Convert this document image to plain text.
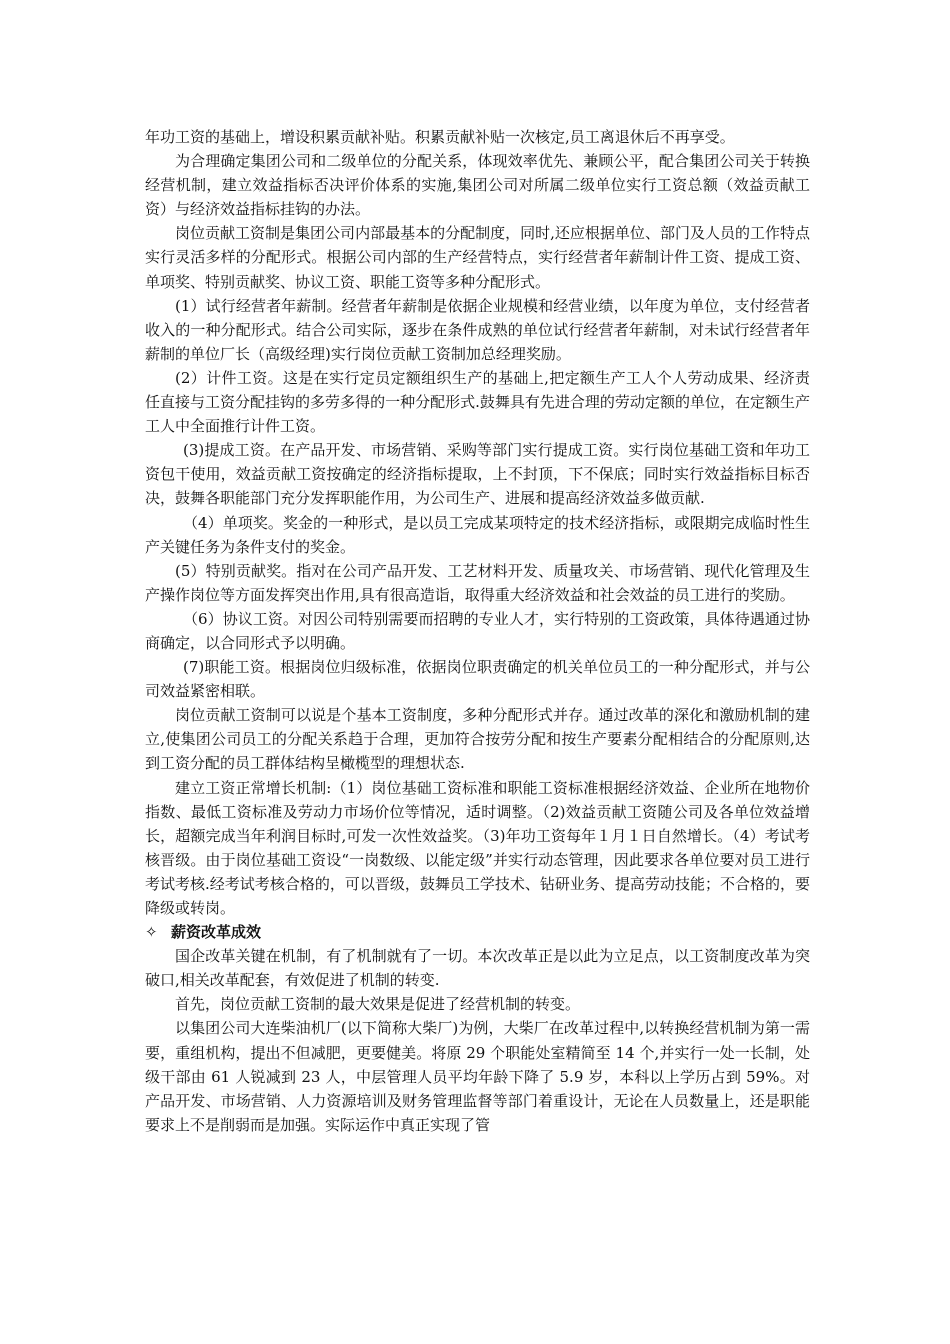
年功工资的基础上，增设积累贡献补贴。积累贡献补贴一次核定,员工离退休后不再享受。

为合理确定集团公司和二级单位的分配关系，体现效率优先、兼顾公平，配合集团公司关于转换经营机制，建立效益指标否决评价体系的实施,集团公司对所属二级单位实行工资总额（效益贡献工资）与经济效益指标挂钩的办法。

岗位贡献工资制是集团公司内部最基本的分配制度，同时,还应根据单位、部门及人员的工作特点实行灵活多样的分配形式。根据公司内部的生产经营特点，实行经营者年薪制计件工资、提成工资、单项奖、特别贡献奖、协议工资、职能工资等多种分配形式。

(1）试行经营者年薪制。经营者年薪制是依据企业规模和经营业绩，以年度为单位，支付经营者收入的一种分配形式。结合公司实际，逐步在条件成熟的单位试行经营者年薪制，对未试行经营者年薪制的单位厂长（高级经理)实行岗位贡献工资制加总经理奖励。

(2）计件工资。这是在实行定员定额组织生产的基础上,把定额生产工人个人劳动成果、经济责任直接与工资分配挂钩的多劳多得的一种分配形式.鼓舞具有先进合理的劳动定额的单位，在定额生产工人中全面推行计件工资。

(3)提成工资。在产品开发、市场营销、采购等部门实行提成工资。实行岗位基础工资和年功工资包干使用，效益贡献工资按确定的经济指标提取，上不封顶，下不保底；同时实行效益指标目标否决，鼓舞各职能部门充分发挥职能作用，为公司生产、进展和提高经济效益多做贡献.

（4）单项奖。奖金的一种形式，是以员工完成某项特定的技术经济指标，或限期完成临时性生产关键任务为条件支付的奖金。

(5）特别贡献奖。指对在公司产品开发、工艺材料开发、质量攻关、市场营销、现代化管理及生产操作岗位等方面发挥突出作用,具有很高造诣，取得重大经济效益和社会效益的员工进行的奖励。

（6）协议工资。对因公司特别需要而招聘的专业人才，实行特别的工资政策，具体待遇通过协商确定，以合同形式予以明确。

(7)职能工资。根据岗位归级标准，依据岗位职责确定的机关单位员工的一种分配形式，并与公司效益紧密相联。

岗位贡献工资制可以说是个基本工资制度，多种分配形式并存。通过改革的深化和激励机制的建立,使集团公司员工的分配关系趋于合理，更加符合按劳分配和按生产要素分配相结合的分配原则,达到工资分配的员工群体结构呈橄榄型的理想状态.

建立工资正常增长机制:（1）岗位基础工资标准和职能工资标准根据经济效益、企业所在地物价指数、最低工资标准及劳动力市场价位等情况，适时调整。（2)效益贡献工资随公司及各单位效益增长，超额完成当年利润目标时,可发一次性效益奖。（3)年功工资每年１月１日自然增长。（4）考试考核晋级。由于岗位基础工资设“一岗数级、以能定级”并实行动态管理，因此要求各单位要对员工进行考试考核.经考试考核合格的，可以晋级，鼓舞员工学技术、钻研业务、提高劳动技能；不合格的，要降级或转岗。

✧ 薪资改革成效

国企改革关键在机制，有了机制就有了一切。本次改革正是以此为立足点，以工资制度改革为突破口,相关改革配套，有效促进了机制的转变.

首先，岗位贡献工资制的最大效果是促进了经营机制的转变。

以集团公司大连柴油机厂(以下简称大柴厂)为例，大柴厂在改革过程中,以转换经营机制为第一需要，重组机构，提出不但减肥，更要健美。将原 29 个职能处室精简至 14 个,并实行一处一长制，处级干部由 61 人锐减到 23 人，中层管理人员平均年龄下降了 5.9 岁，本科以上学历占到 59%。对产品开发、市场营销、人力资源培训及财务管理监督等部门着重设计，无论在人员数量上，还是职能要求上不是削弱而是加强。实际运作中真正实现了管
